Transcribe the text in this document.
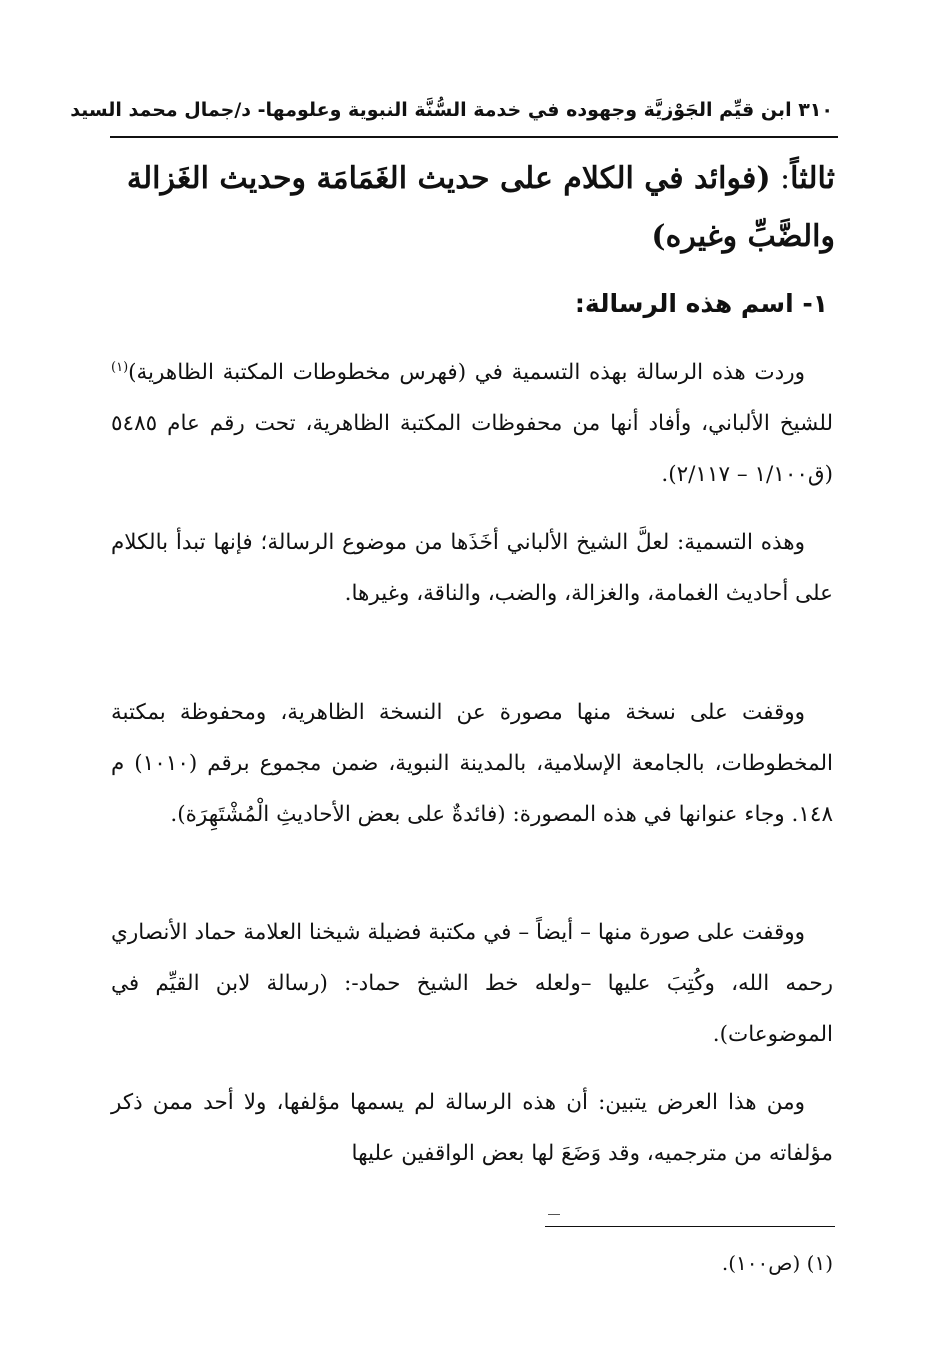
٣١٠ ابن قيِّم الجَوْزيَّة وجهوده في خدمة السُّنَّة النبوية وعلومها- د/جمال محمد السيد
ثالثاً: (فوائد في الكلام على حديث الغَمَامَة وحديث الغَزالة والضَّبِّ وغيره)
١- اسم هذه الرسالة:

وردت هذه الرسالة بهذه التسمية في (فهرس مخطوطات المكتبة الظاهرية)$^{(١)}$ للشيخ الألباني، وأفاد أنها من محفوظات المكتبة الظاهرية، تحت رقم عام ٥٤٨٥ (ق١/١٠٠ – ٢/١١٧).

وهذه التسمية: لعلَّ الشيخ الألباني أخَذَها من موضوع الرسالة؛ فإنها تبدأ بالكلام على أحاديث الغمامة، والغزالة، والضب، والناقة، وغيرها.

ووقفت على نسخة منها مصورة عن النسخة الظاهرية، ومحفوظة بمكتبة المخطوطات، بالجامعة الإسلامية، بالمدينة النبوية، ضمن مجموع برقم (١٠١٠) م ١٤٨. وجاء عنوانها في هذه المصورة: (فائدةٌ على بعض الأحاديثِ الْمُشْتَهِرَة).

ووقفت على صورة منها – أيضاً – في مكتبة فضيلة شيخنا العلامة حماد الأنصاري رحمه الله، وكُتِبَ عليها –ولعله خط الشيخ حماد-: (رسالة لابن القيِّم في الموضوعات).

ومن هذا العرض يتبين: أن هذه الرسالة لم يسمها مؤلفها، ولا أحد ممن ذكر مؤلفاته من مترجميه، وقد وَضَعَ لها بعض الواقفين عليها

(١) (ص١٠٠).
